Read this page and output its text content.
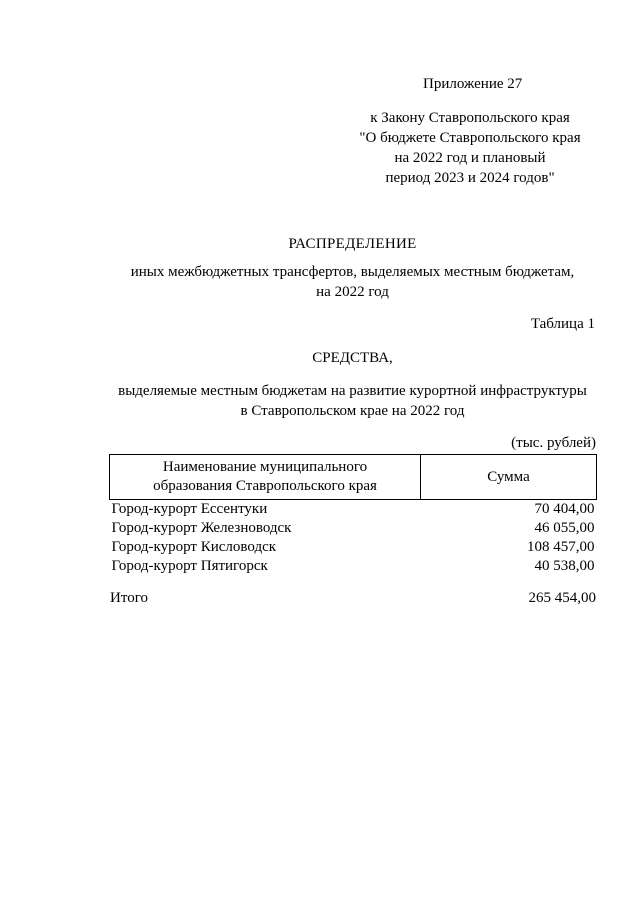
Приложение 27
к Закону Ставропольского края
"О бюджете Ставропольского края
на 2022 год и плановый
период 2023 и 2024 годов"
РАСПРЕДЕЛЕНИЕ
иных межбюджетных трансфертов, выделяемых местным бюджетам,
на 2022 год
Таблица 1
СРЕДСТВА,
выделяемые местным бюджетам на развитие курортной инфраструктуры
в Ставропольском крае на 2022 год
(тыс. рублей)
Наименование муниципального
образования Ставропольского края	Сумма
Город-курорт Ессентуки	70 404,00
Город-курорт Железноводск	46 055,00
Город-курорт Кисловодск	108 457,00
Город-курорт Пятигорск	40 538,00
Итого	265 454,00
